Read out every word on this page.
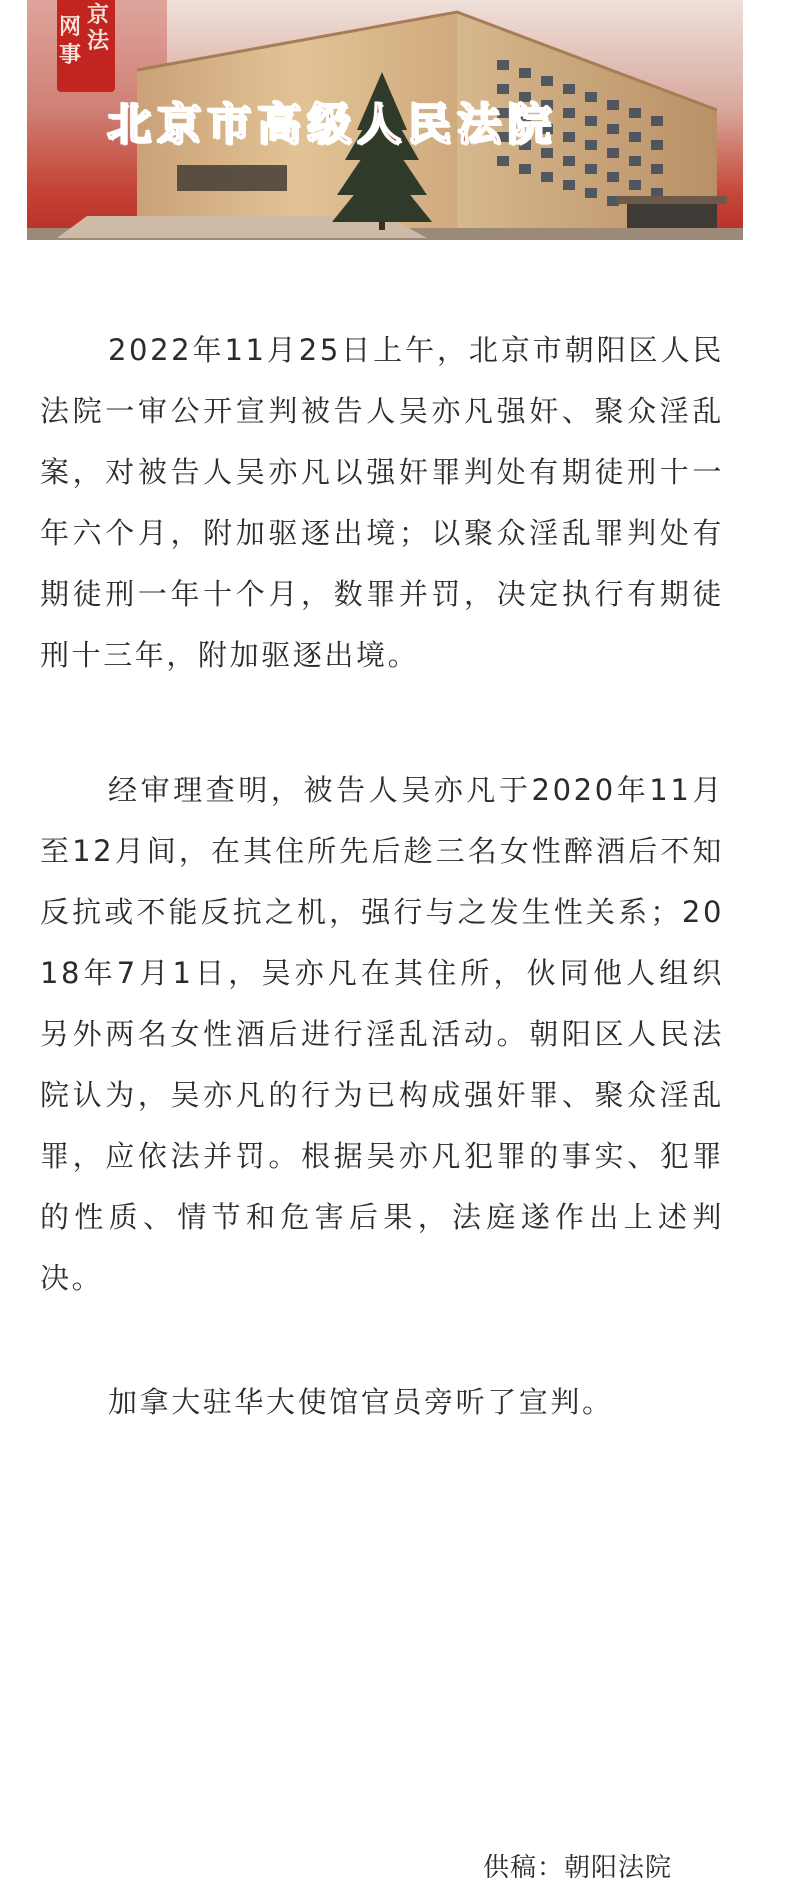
京
网
法
事
北京市高级人民法院

2022年11月25日上午，北京市朝阳区人民法院一审公开宣判被告人吴亦凡强奸、聚众淫乱案，对被告人吴亦凡以强奸罪判处有期徒刑十一年六个月，附加驱逐出境；以聚众淫乱罪判处有期徒刑一年十个月，数罪并罚，决定执行有期徒刑十三年，附加驱逐出境。

经审理查明，被告人吴亦凡于2020年11月至12月间，在其住所先后趁三名女性醉酒后不知反抗或不能反抗之机，强行与之发生性关系；2018年7月1日，吴亦凡在其住所，伙同他人组织另外两名女性酒后进行淫乱活动。朝阳区人民法院认为，吴亦凡的行为已构成强奸罪、聚众淫乱罪，应依法并罚。根据吴亦凡犯罪的事实、犯罪的性质、情节和危害后果，法庭遂作出上述判决。

加拿大驻华大使馆官员旁听了宣判。

供稿：朝阳法院
